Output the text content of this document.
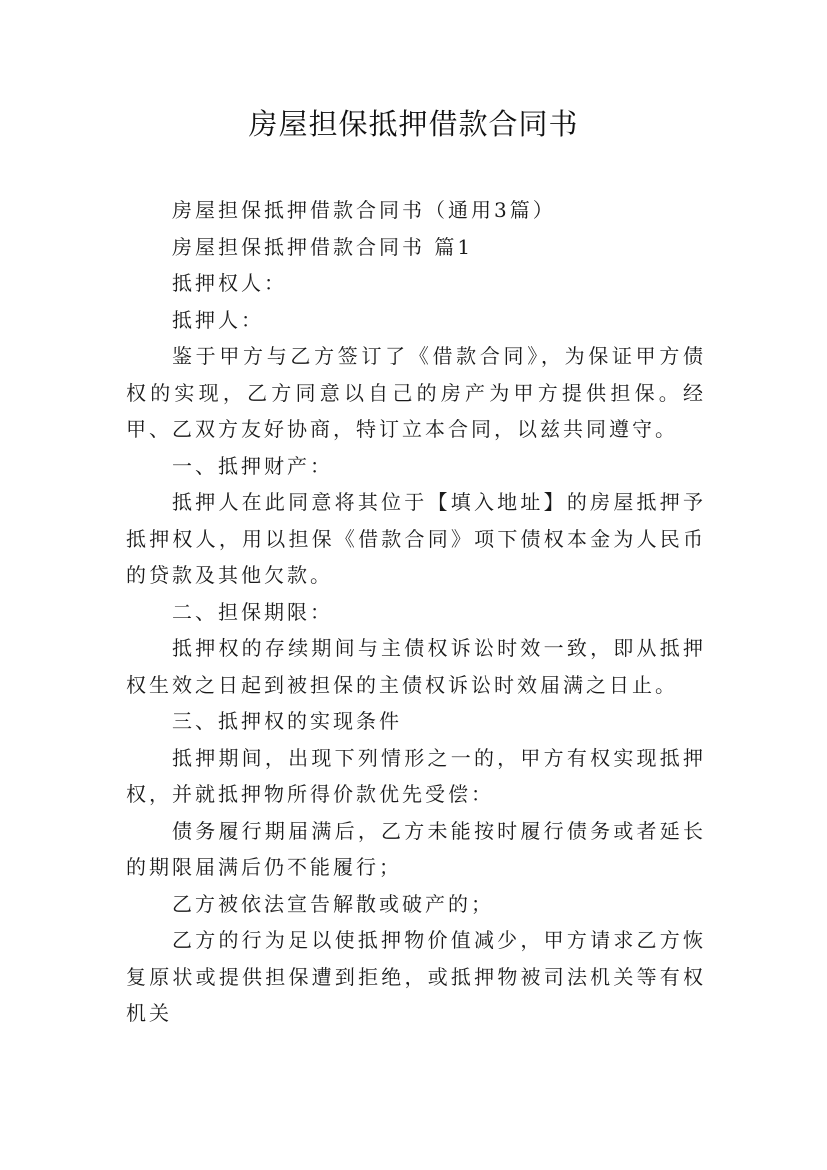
房屋担保抵押借款合同书

房屋担保抵押借款合同书（通用3篇）

房屋担保抵押借款合同书 篇1

抵押权人：

抵押人：

鉴于甲方与乙方签订了《借款合同》，为保证甲方债权的实现，乙方同意以自己的房产为甲方提供担保。经甲、乙双方友好协商，特订立本合同，以兹共同遵守。

一、抵押财产：

抵押人在此同意将其位于【填入地址】的房屋抵押予抵押权人，用以担保《借款合同》项下债权本金为人民币的贷款及其他欠款。

二、担保期限：

抵押权的存续期间与主债权诉讼时效一致，即从抵押权生效之日起到被担保的主债权诉讼时效届满之日止。

三、抵押权的实现条件

抵押期间，出现下列情形之一的，甲方有权实现抵押权，并就抵押物所得价款优先受偿：

债务履行期届满后，乙方未能按时履行债务或者延长的期限届满后仍不能履行；

乙方被依法宣告解散或破产的；

乙方的行为足以使抵押物价值减少，甲方请求乙方恢复原状或提供担保遭到拒绝，或抵押物被司法机关等有权机关
